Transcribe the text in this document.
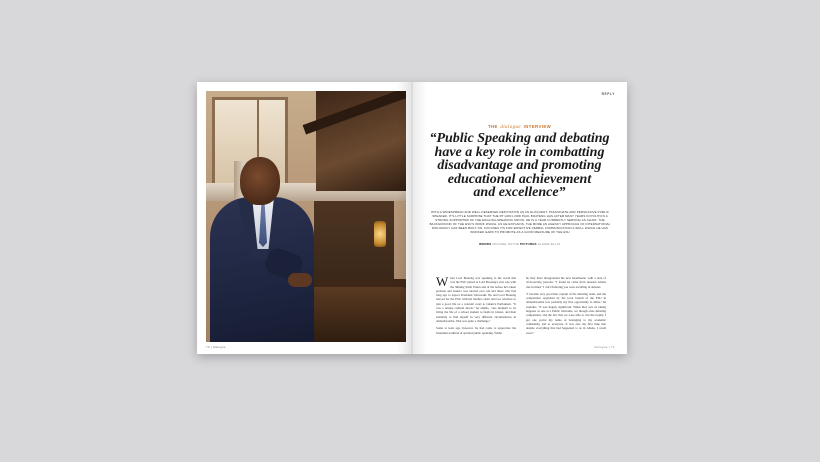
70 | dialogue
REPLY
THE dialogue INTERVIEW
“Public Speaking and debating
have a key role in combatting
disadvantage and promoting
educational achievement
and excellence”

WITH A WIDESPREAD AND WELL-DESERVED REPUTATION AS AN ELOQUENT, PASSIONATE AND PERSUASIVE PUBLIC SPEAKER, IT'S LITTLE SURPRISE THAT THE RT HON LORD PAUL BOATENG HAS AFTER MANY YEARS IN POLITICS A STRONG SUPPORTER OF THE ENGLISH-SPEAKING UNION. HE IS A YEAR CURRENTLY SERVING AS CHAIR. THE BACKGROUND OF THE ESU'S WORK WHICH, AS HE EXPLAINS, THE MORE AN AGENCY APPROACH OF INTERNATIONAL DIPLOMACY HAS BEEN BUILT ON, FOCUSES ITS FOR EFFECTIVE VERBAL COMMUNICATION A SKILL WHICH HE HAS WORKED HARD TO PROMOTE AS A GOOD MEASURE OF THE ESU

WORDS MICHAEL PAYNE PICTURES CLAIRE ELLIS
W hen Lord Boateng was speaking to the world this was the ESU joined as Lord Boateng's own role with the Shining Sixth Union and of the before he's taken position and leaders was elected over old and those who had long ago to expect President Ostrowski. He and Lord Boateng arrived for the ESU with his mother, sister and two relatives to join a good life as a colonial court to Ghana's Parliament. "It was a unique cultural shock," he admits, "one moment to be living the life of a school student to fields in Ghana, and then suddenly to find myself in very different circumstances in Almadsworthe. That was quite a challenge."

Some at least age, however, he had come to appreciate the Ghanaian tradition of spirited public speaking. While

he may have disappointed his new headmaster with a lack of civil-serving persona: "I found he came from unusual Ghana rise in times" I can't flattering you were excelling in debates.

"I became very good like captain of the debating team, and the competition organised by the local branch of the ESU in Almadsworthe was probably my first opportunity to shine," he explains. "It was hugely significant. When they saw us taking happens as one at a Public Outcome, we though ones debating competition, and the fact that we were able to win the trophy. I got one you're my name of belonging to my academic community and to everyone. It was also my first time that despite everything that had happened to us in Ghana, I could excel."

dialogue | 71
